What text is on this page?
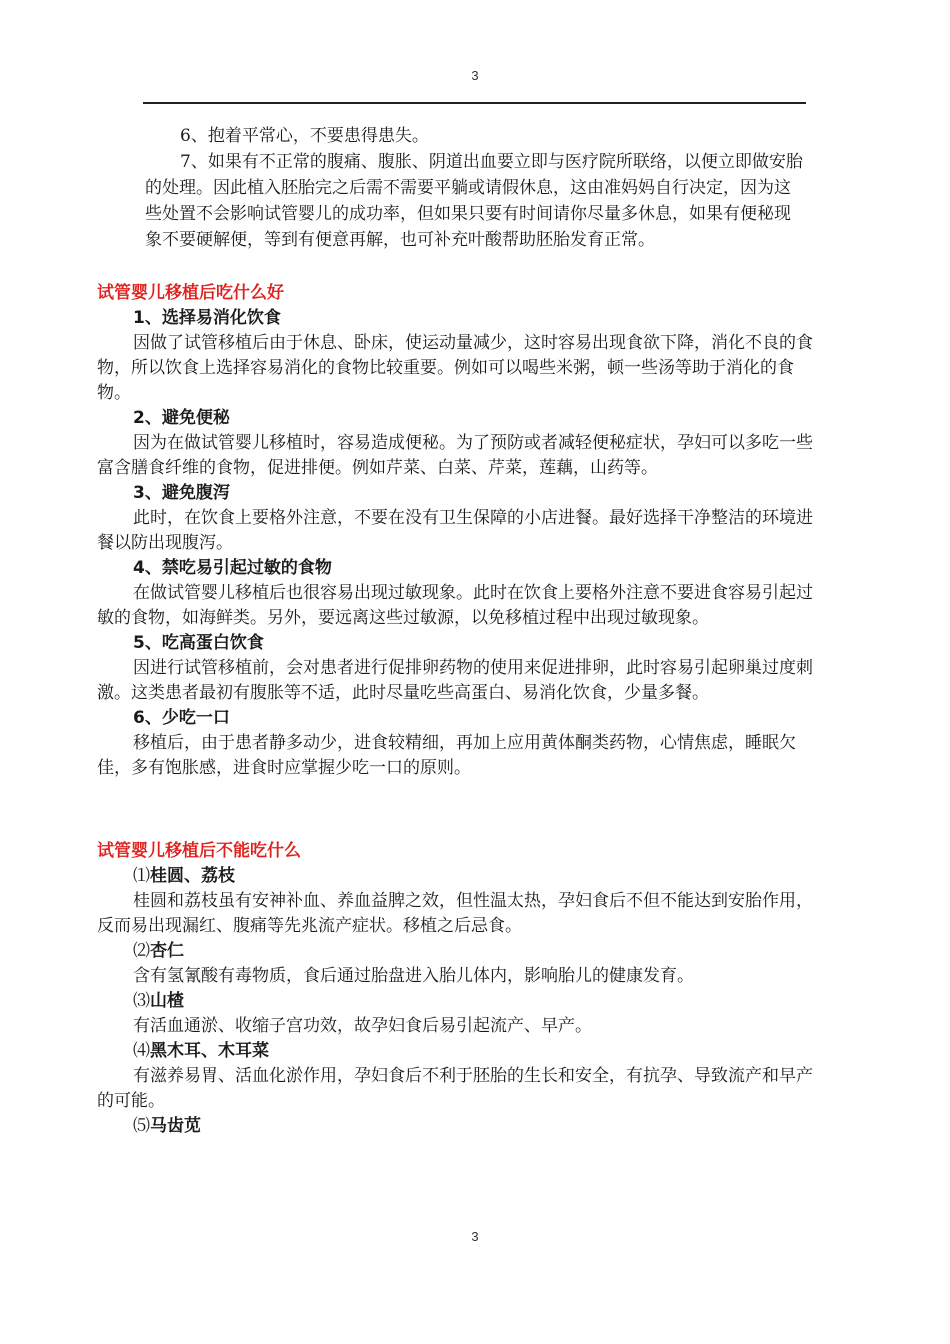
3

6、抱着平常心，不要患得患失。

7、如果有不正常的腹痛、腹胀、阴道出血要立即与医疗院所联络，以便立即做安胎的处理。因此植入胚胎完之后需不需要平躺或请假休息，这由准妈妈自行决定，因为这些处置不会影响试管婴儿的成功率，但如果只要有时间请你尽量多休息，如果有便秘现象不要硬解便，等到有便意再解，也可补充叶酸帮助胚胎发育正常。

试管婴儿移植后吃什么好
1、选择易消化饮食

因做了试管移植后由于休息、卧床，使运动量减少，这时容易出现食欲下降，消化不良的食物，所以饮食上选择容易消化的食物比较重要。例如可以喝些米粥，顿一些汤等助于消化的食物。

2、避免便秘

因为在做试管婴儿移植时，容易造成便秘。为了预防或者减轻便秘症状，孕妇可以多吃一些富含膳食纤维的食物，促进排便。例如芹菜、白菜、芹菜，莲藕，山药等。

3、避免腹泻

此时，在饮食上要格外注意，不要在没有卫生保障的小店进餐。最好选择干净整洁的环境进餐以防出现腹泻。

4、禁吃易引起过敏的食物

在做试管婴儿移植后也很容易出现过敏现象。此时在饮食上要格外注意不要进食容易引起过敏的食物，如海鲜类。另外，要远离这些过敏源，以免移植过程中出现过敏现象。

5、吃高蛋白饮食

因进行试管移植前，会对患者进行促排卵药物的使用来促进排卵，此时容易引起卵巢过度刺激。这类患者最初有腹胀等不适，此时尽量吃些高蛋白、易消化饮食，少量多餐。

6、少吃一口

移植后，由于患者静多动少，进食较精细，再加上应用黄体酮类药物，心情焦虑，睡眠欠佳，多有饱胀感，进食时应掌握少吃一口的原则。

试管婴儿移植后不能吃什么
⑴桂圆、荔枝

桂圆和荔枝虽有安神补血、养血益脾之效，但性温太热，孕妇食后不但不能达到安胎作用，反而易出现漏红、腹痛等先兆流产症状。移植之后忌食。

⑵杏仁

含有氢氰酸有毒物质，食后通过胎盘进入胎儿体内，影响胎儿的健康发育。

⑶山楂

有活血通淤、收缩子宫功效，故孕妇食后易引起流产、早产。

⑷黑木耳、木耳菜

有滋养易胃、活血化淤作用，孕妇食后不利于胚胎的生长和安全，有抗孕、导致流产和早产的可能。

⑸马齿苋
3
